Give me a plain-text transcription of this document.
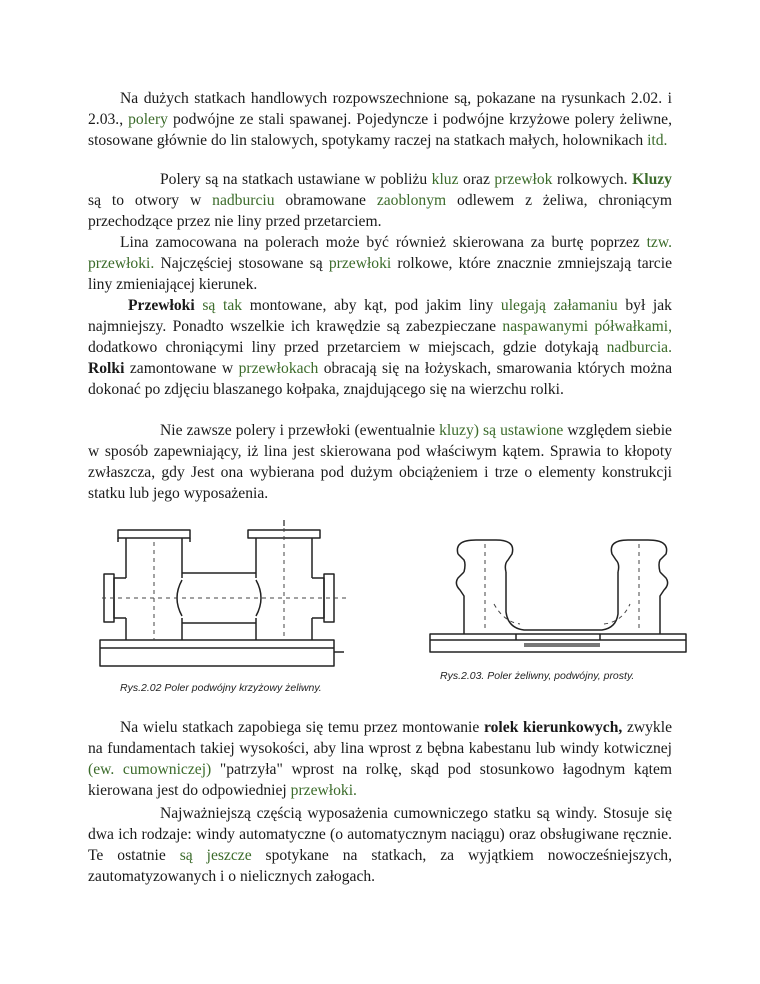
Na dużych statkach handlowych rozpowszechnione są, pokazane na rysunkach 2.02. i 2.03., polery podwójne ze stali spawanej. Pojedyncze i podwójne krzyżowe polery żeliwne, stosowane głównie do lin stalowych, spotykamy raczej na statkach małych, holownikach itd.

Polery są na statkach ustawiane w pobliżu kluz oraz przewłok rolkowych. Kluzy są to otwory w nadburciu obramowane zaoblonym odlewem z żeliwa, chroniącym przechodzące przez nie liny przed przetarciem.

Lina zamocowana na polerach może być również skierowana za burtę poprzez tzw. przewłoki. Najczęściej stosowane są przewłoki rolkowe, które znacznie zmniejszają tarcie liny zmieniającej kierunek.

Przewłoki są tak montowane, aby kąt, pod jakim liny ulegają załamaniu był jak najmniejszy. Ponadto wszelkie ich krawędzie są zabezpieczane naspawanymi półwałkami, dodatkowo chroniącymi liny przed przetarciem w miejscach, gdzie dotykają nadburcia. Rolki zamontowane w przewłokach obracają się na łożyskach, smarowania których można dokonać po zdjęciu blaszanego kołpaka, znajdującego się na wierzchu rolki.

Nie zawsze polery i przewłoki (ewentualnie kluzy) są ustawione względem siebie w sposób zapewniający, iż lina jest skierowana pod właściwym kątem. Sprawia to kłopoty zwłaszcza, gdy Jest ona wybierana pod dużym obciążeniem i trze o elementy konstrukcji statku lub jego wyposażenia.

Rys.2.02 Poler podwójny krzyżowy żeliwny.
Rys.2.03. Poler żeliwny, podwójny, prosty.

Na wielu statkach zapobiega się temu przez montowanie rolek kierunkowych, zwykle na fundamentach takiej wysokości, aby lina wprost z bębna kabestanu lub windy kotwicznej (ew. cumowniczej) "patrzyła" wprost na rolkę, skąd pod stosunkowo łagodnym kątem kierowana jest do odpowiedniej przewłoki.

Najważniejszą częścią wyposażenia cumowniczego statku są windy. Stosuje się dwa ich rodzaje: windy automatyczne (o automatycznym naciągu) oraz obsługiwane ręcznie. Te ostatnie są jeszcze spotykane na statkach, za wyjątkiem nowocześniejszych, zautomatyzowanych i o nielicznych załogach.
